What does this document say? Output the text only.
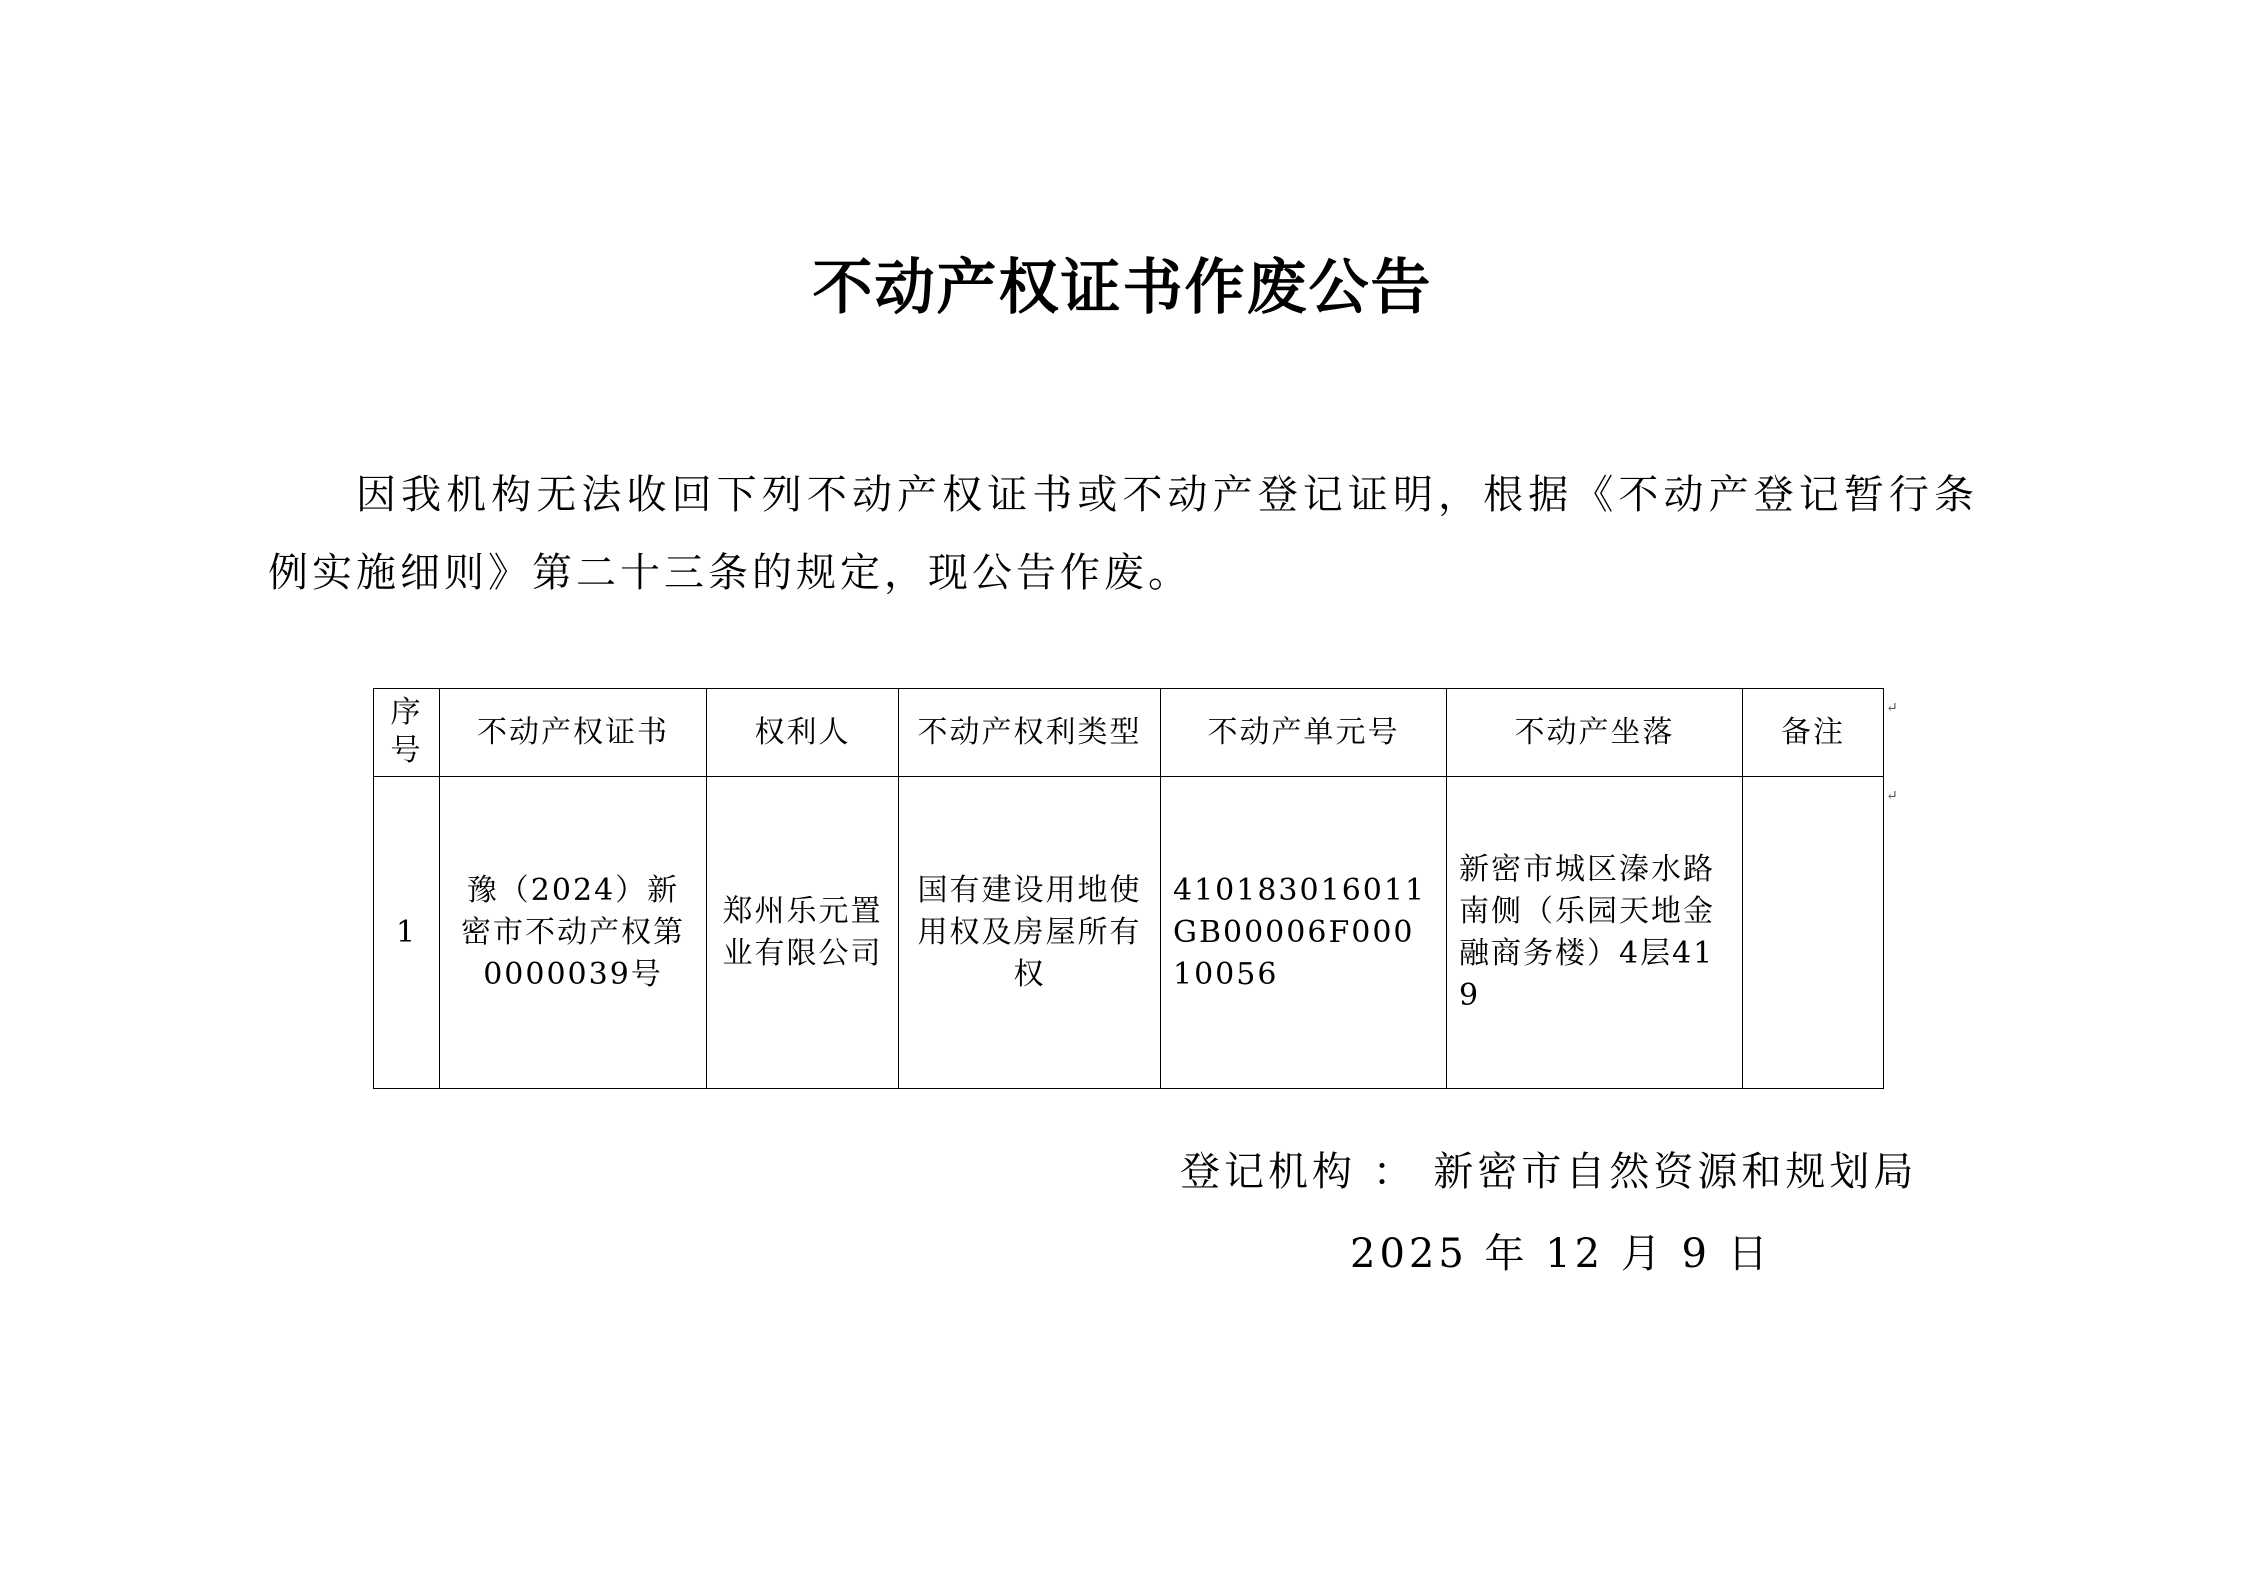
不动产权证书作废公告
因我机构无法收回下列不动产权证书或不动产登记证明，根据《不动产登记暂行条例实施细则》第二十三条的规定，现公告作废。
序号	不动产权证书	权利人	不动产权利类型	不动产单元号	不动产坐落	备注
1	豫（2024）新密市不动产权第0000039号	郑州乐元置业有限公司	国有建设用地使用权及房屋所有权	410183016011GB00006F00010056	新密市城区溱水路南侧（乐园天地金融商务楼）4层419	
↵
↵
登记机构 ： 新密市自然资源和规划局
2025 年 12 月 9 日
